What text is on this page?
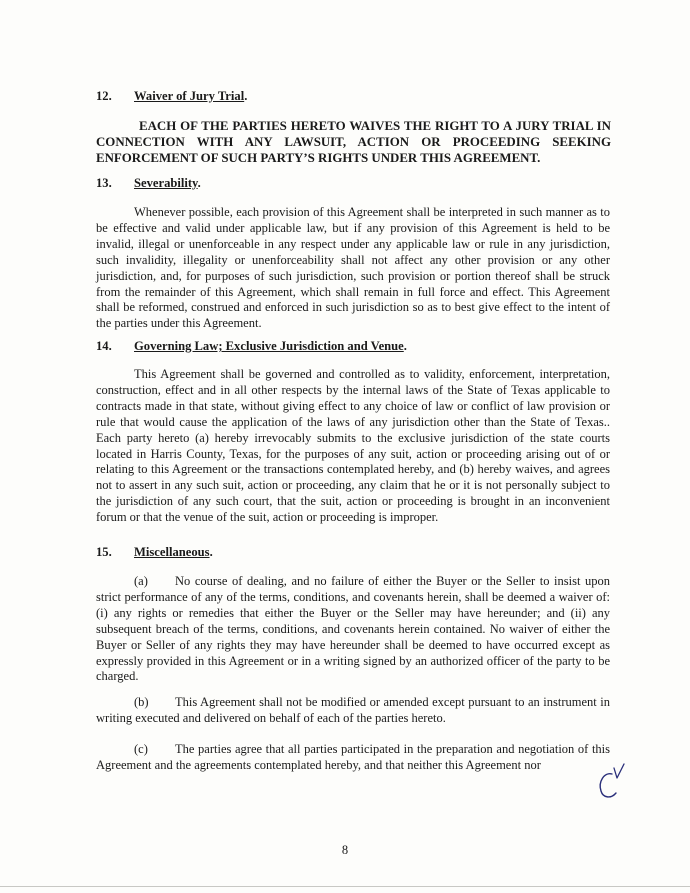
12. Waiver of Jury Trial.

EACH OF THE PARTIES HERETO WAIVES THE RIGHT TO A JURY TRIAL IN CONNECTION WITH ANY LAWSUIT, ACTION OR PROCEEDING SEEKING ENFORCEMENT OF SUCH PARTY’S RIGHTS UNDER THIS AGREEMENT.

13. Severability.

Whenever possible, each provision of this Agreement shall be interpreted in such manner as to be effective and valid under applicable law, but if any provision of this Agreement is held to be invalid, illegal or unenforceable in any respect under any applicable law or rule in any jurisdiction, such invalidity, illegality or unenforceability shall not affect any other provision or any other jurisdiction, and, for purposes of such jurisdiction, such provision or portion thereof shall be struck from the remainder of this Agreement, which shall remain in full force and effect. This Agreement shall be reformed, construed and enforced in such jurisdiction so as to best give effect to the intent of the parties under this Agreement.

14. Governing Law; Exclusive Jurisdiction and Venue.

This Agreement shall be governed and controlled as to validity, enforcement, interpretation, construction, effect and in all other respects by the internal laws of the State of Texas applicable to contracts made in that state, without giving effect to any choice of law or conflict of law provision or rule that would cause the application of the laws of any jurisdiction other than the State of Texas.. Each party hereto (a) hereby irrevocably submits to the exclusive jurisdiction of the state courts located in Harris County, Texas, for the purposes of any suit, action or proceeding arising out of or relating to this Agreement or the transactions contemplated hereby, and (b) hereby waives, and agrees not to assert in any such suit, action or proceeding, any claim that he or it is not personally subject to the jurisdiction of any such court, that the suit, action or proceeding is brought in an inconvenient forum or that the venue of the suit, action or proceeding is improper.

15. Miscellaneous.

(a) No course of dealing, and no failure of either the Buyer or the Seller to insist upon strict performance of any of the terms, conditions, and covenants herein, shall be deemed a waiver of: (i) any rights or remedies that either the Buyer or the Seller may have hereunder; and (ii) any subsequent breach of the terms, conditions, and covenants herein contained. No waiver of either the Buyer or Seller of any rights they may have hereunder shall be deemed to have occurred except as expressly provided in this Agreement or in a writing signed by an authorized officer of the party to be charged.

(b) This Agreement shall not be modified or amended except pursuant to an instrument in writing executed and delivered on behalf of each of the parties hereto.

(c) The parties agree that all parties participated in the preparation and negotiation of this Agreement and the agreements contemplated hereby, and that neither this Agreement nor

8
